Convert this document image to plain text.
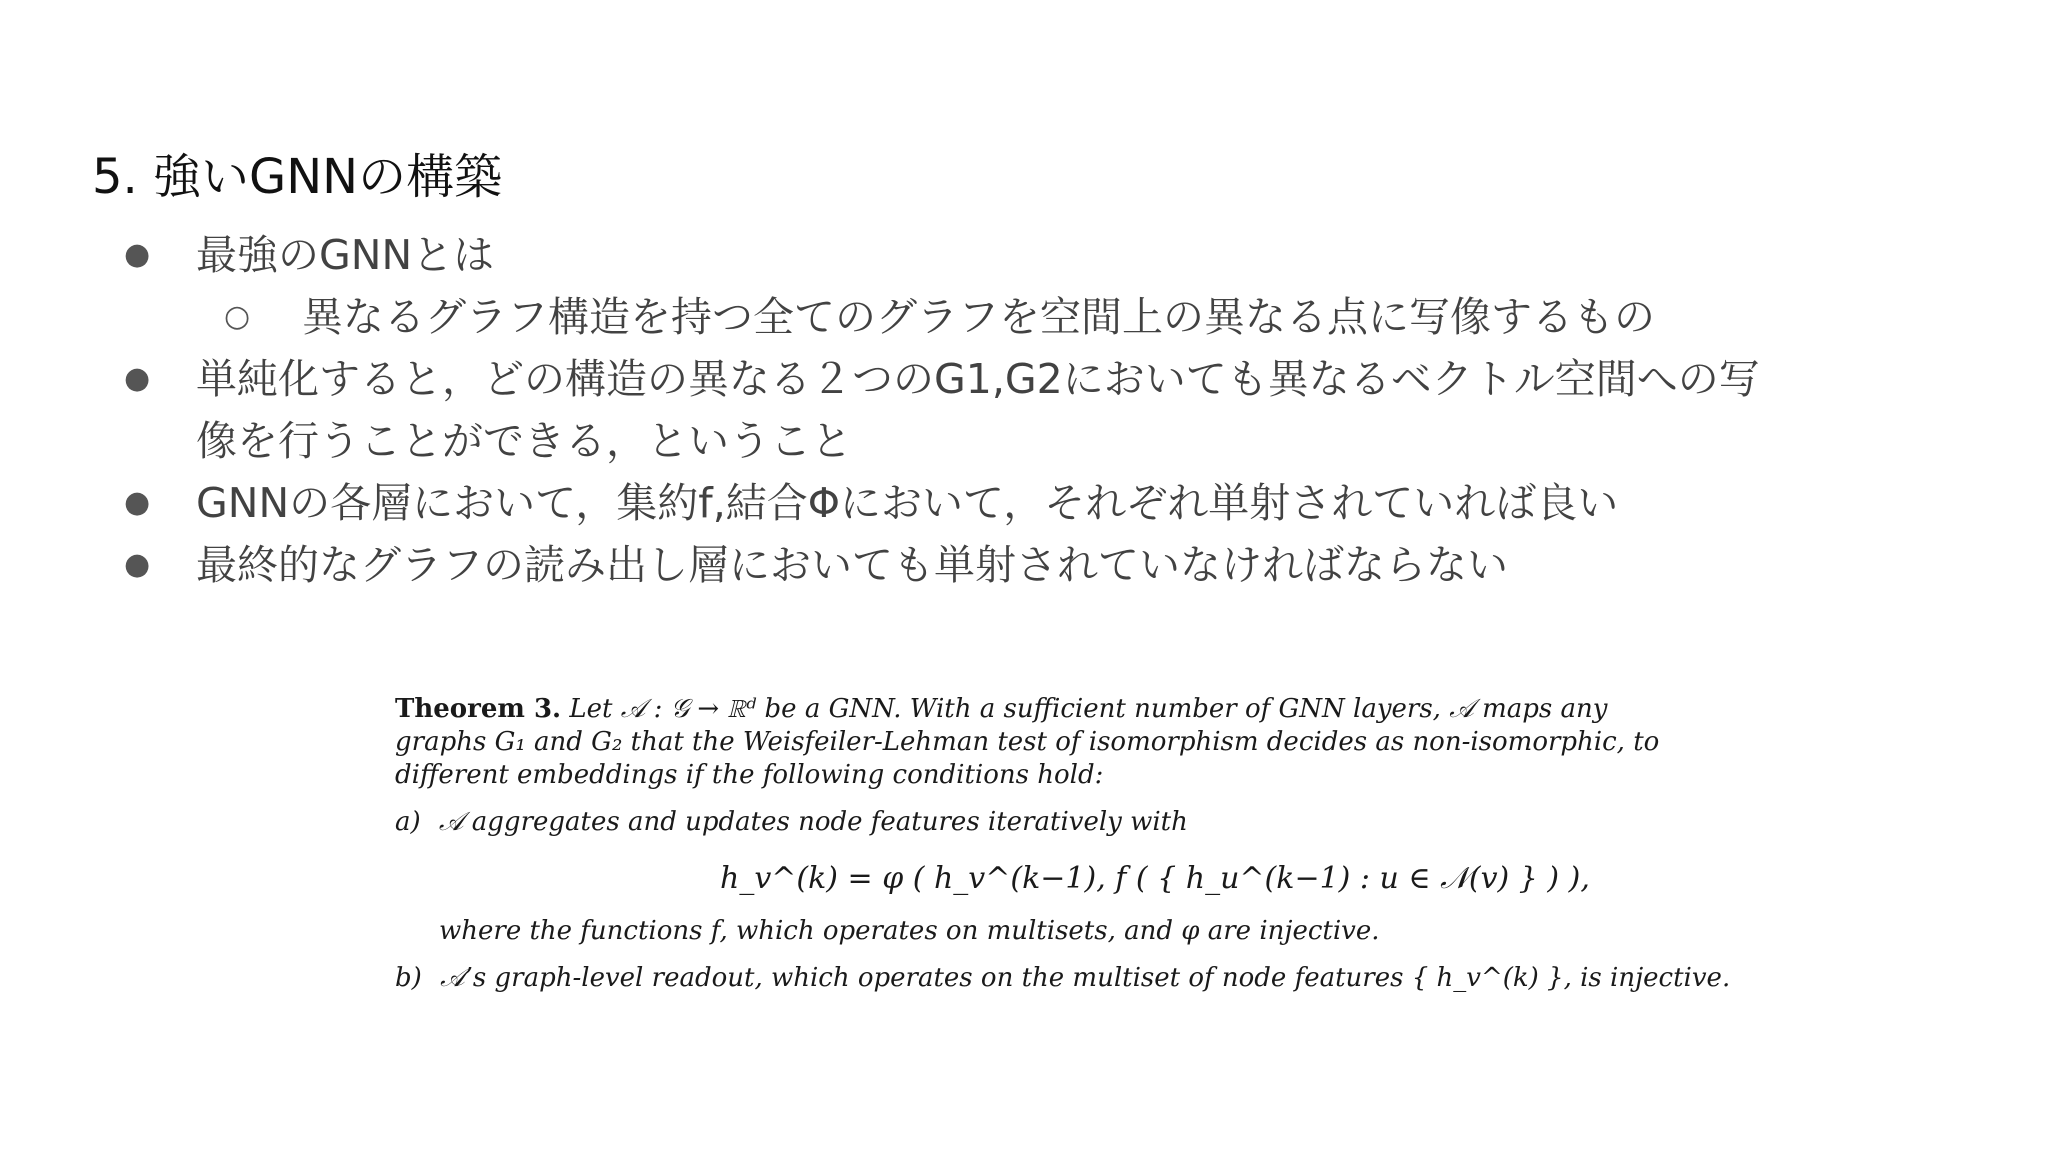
5. 強いGNNの構築
● 最強のGNNとは
○ 異なるグラフ構造を持つ全てのグラフを空間上の異なる点に写像するもの
● 単純化すると，どの構造の異なる２つのG1,G2においても異なるベクトル空間への写
像を行うことができる，ということ
● GNNの各層において，集約f,結合Φにおいて，それぞれ単射されていれば良い
● 最終的なグラフの読み出し層においても単射されていなければならない
Theorem 3. Let 𝒜 : 𝒢 → ℝᵈ be a GNN. With a sufficient number of GNN layers, 𝒜 maps any
graphs G₁ and G₂ that the Weisfeiler-Lehman test of isomorphism decides as non-isomorphic, to
different embeddings if the following conditions hold:
a) 𝒜 aggregates and updates node features iteratively with
h_v^(k) = φ ( h_v^(k−1), f ( { h_u^(k−1) : u ∈ 𝒩(v) } ) ),
where the functions f, which operates on multisets, and φ are injective.
b) 𝒜’s graph-level readout, which operates on the multiset of node features { h_v^(k) }, is injective.
